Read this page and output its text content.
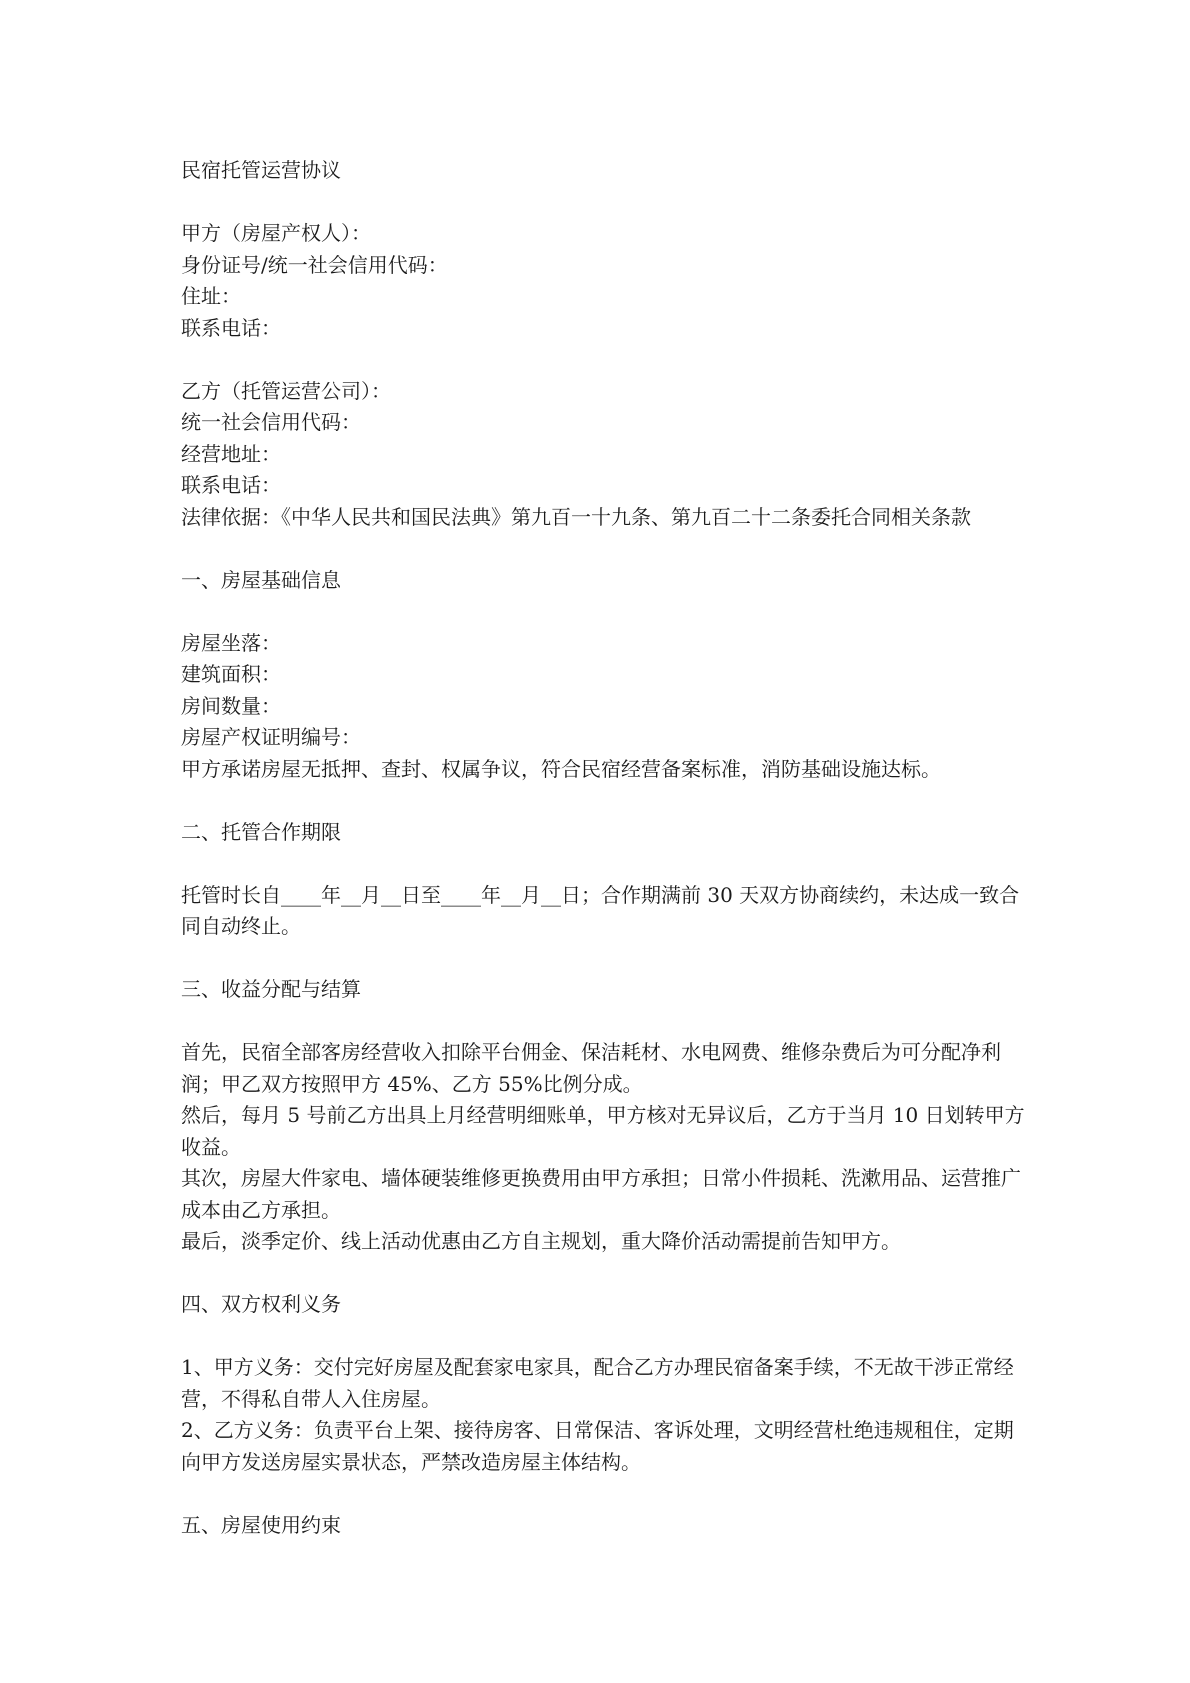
民宿托管运营协议
甲方（房屋产权人）：
身份证号/统一社会信用代码：
住址：
联系电话：
乙方（托管运营公司）：
统一社会信用代码：
经营地址：
联系电话：
法律依据：《中华人民共和国民法典》第九百一十九条、第九百二十二条委托合同相关条款
一、房屋基础信息
房屋坐落：
建筑面积：
房间数量：
房屋产权证明编号：
甲方承诺房屋无抵押、查封、权属争议，符合民宿经营备案标准，消防基础设施达标。
二、托管合作期限
托管时长自____年__月__日至____年__月__日；合作期满前 30 天双方协商续约，未达成一致合同自动终止。
三、收益分配与结算
首先，民宿全部客房经营收入扣除平台佣金、保洁耗材、水电网费、维修杂费后为可分配净利润；甲乙双方按照甲方 45%、乙方 55%比例分成。
然后，每月 5 号前乙方出具上月经营明细账单，甲方核对无异议后，乙方于当月 10 日划转甲方收益。
其次，房屋大件家电、墙体硬装维修更换费用由甲方承担；日常小件损耗、洗漱用品、运营推广成本由乙方承担。
最后，淡季定价、线上活动优惠由乙方自主规划，重大降价活动需提前告知甲方。
四、双方权利义务
1、甲方义务：交付完好房屋及配套家电家具，配合乙方办理民宿备案手续，不无故干涉正常经营，不得私自带人入住房屋。
2、乙方义务：负责平台上架、接待房客、日常保洁、客诉处理，文明经营杜绝违规租住，定期向甲方发送房屋实景状态，严禁改造房屋主体结构。
五、房屋使用约束
